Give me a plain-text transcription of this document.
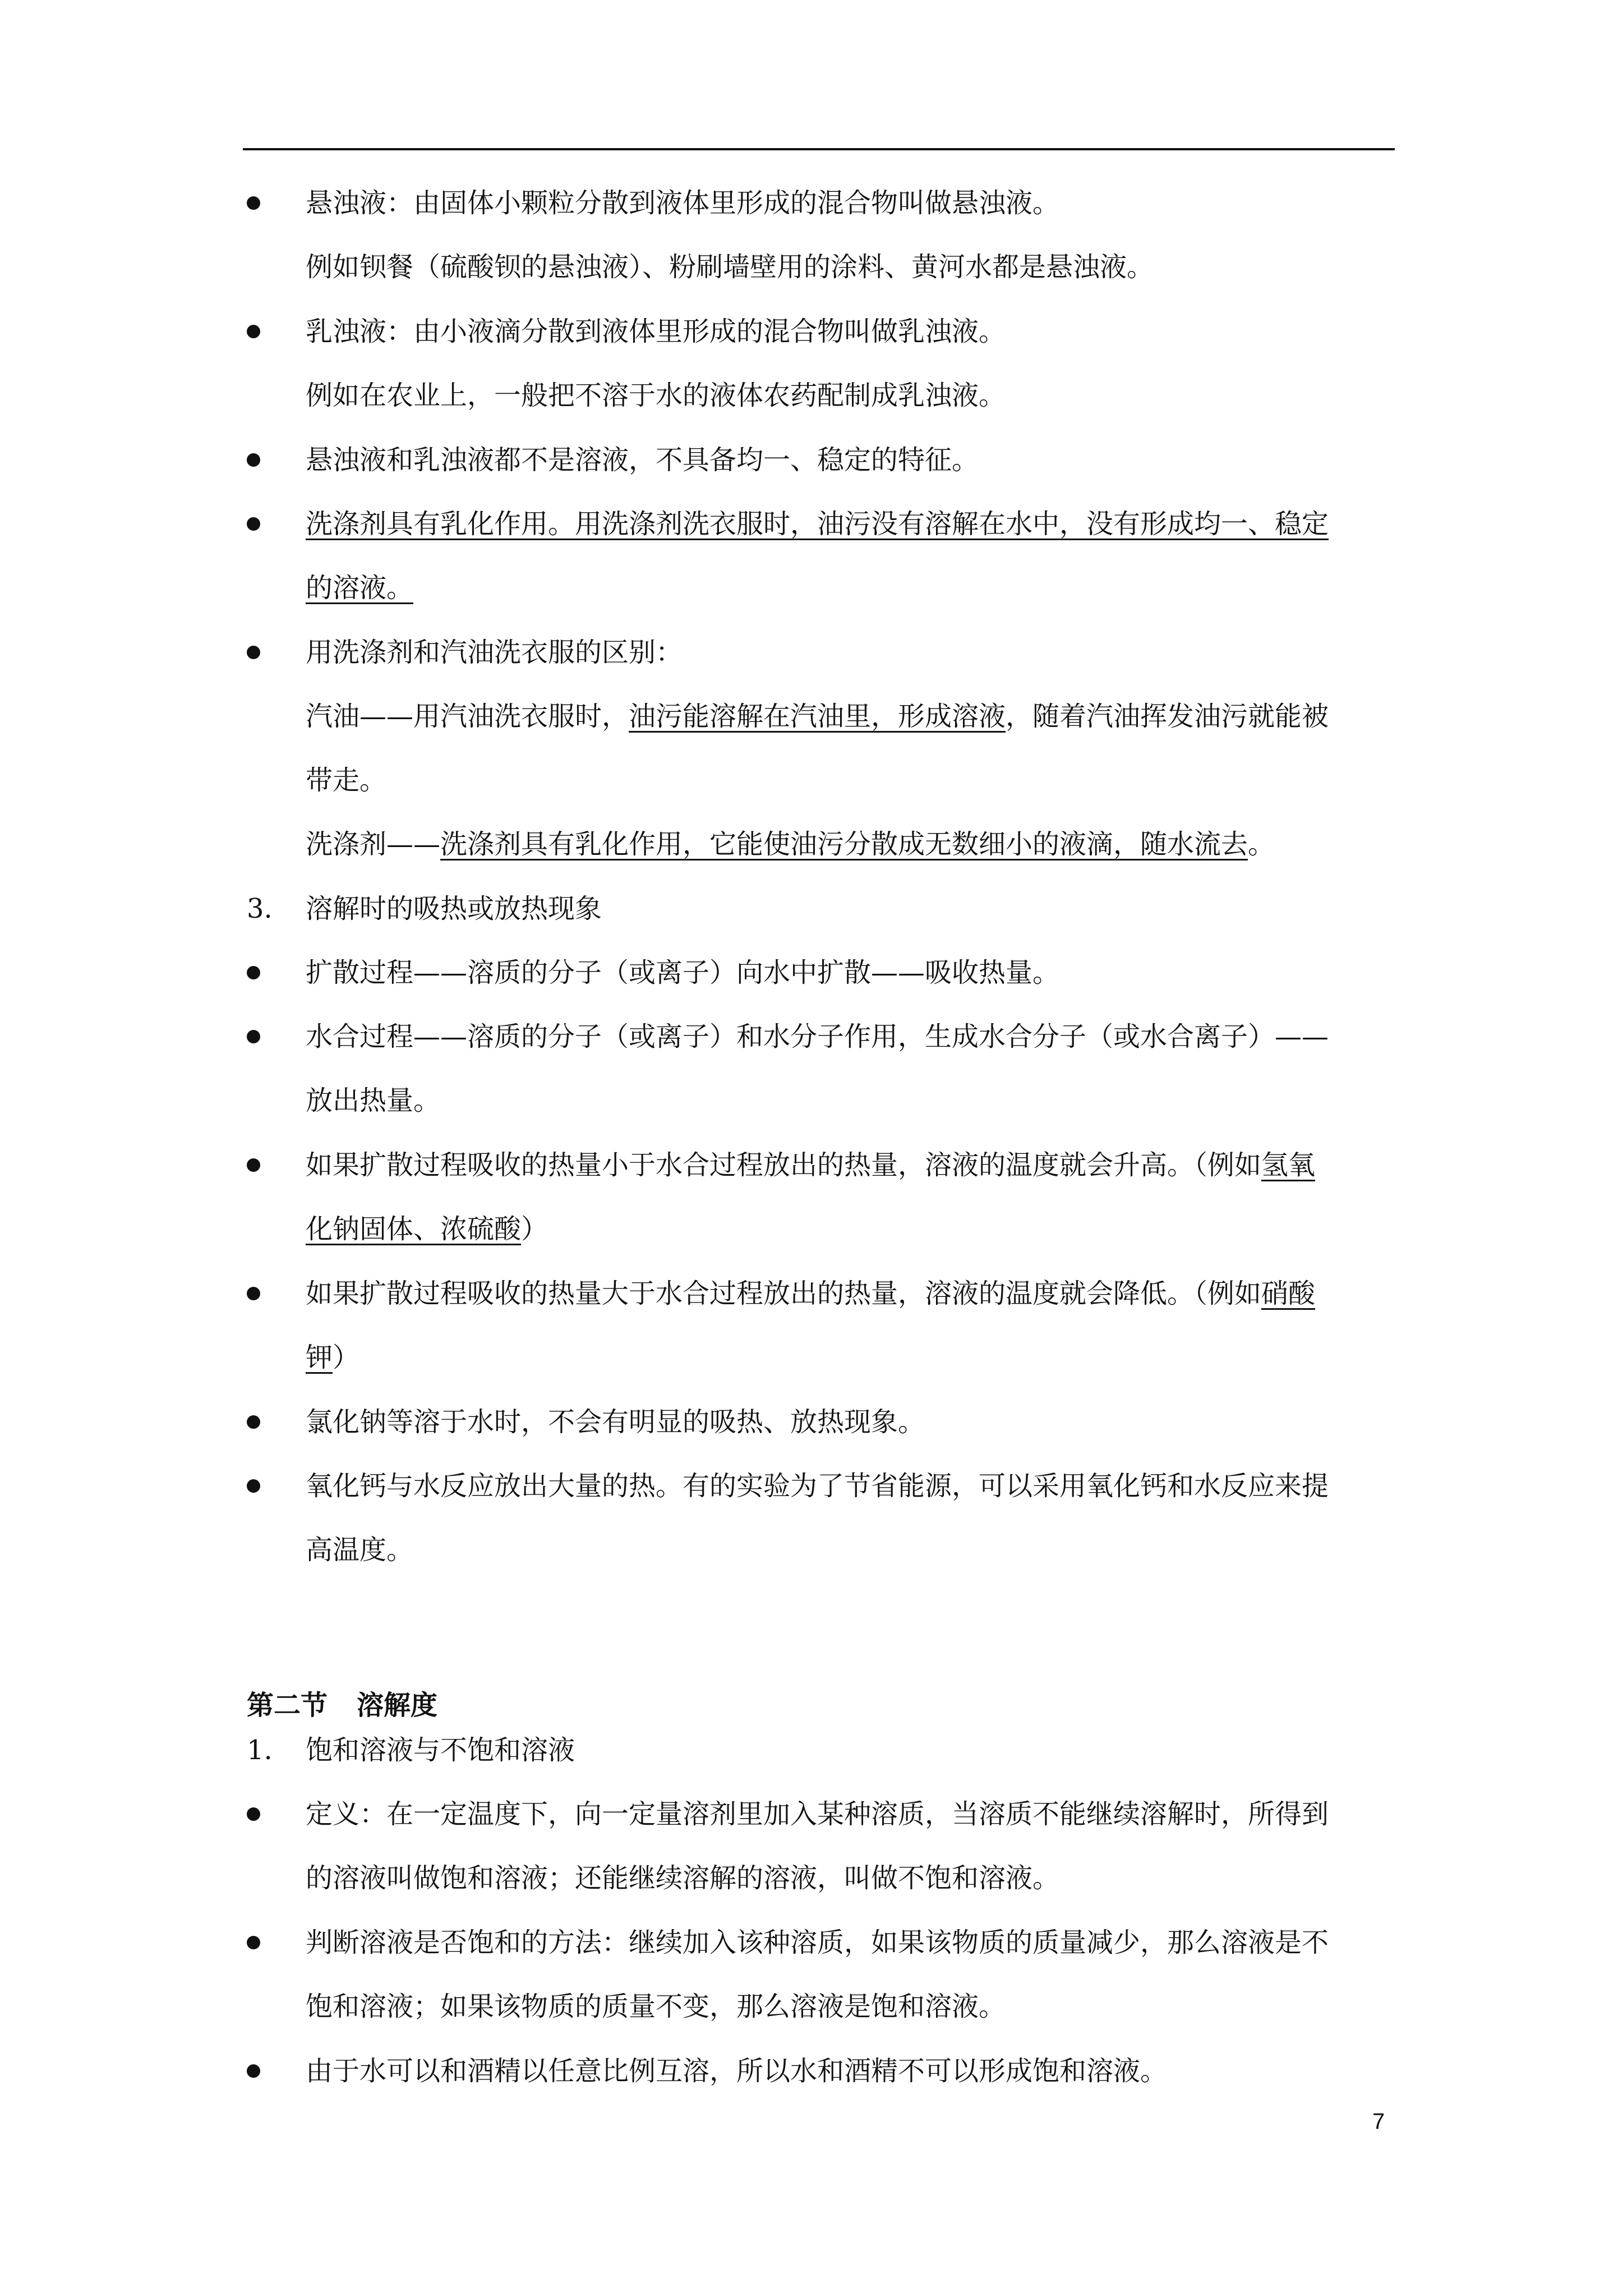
悬浊液：由固体小颗粒分散到液体里形成的混合物叫做悬浊液。
例如钡餐（硫酸钡的悬浊液）、粉刷墙壁用的涂料、黄河水都是悬浊液。
乳浊液：由小液滴分散到液体里形成的混合物叫做乳浊液。
例如在农业上，一般把不溶于水的液体农药配制成乳浊液。
悬浊液和乳浊液都不是溶液，不具备均一、稳定的特征。
洗涤剂具有乳化作用。用洗涤剂洗衣服时，油污没有溶解在水中，没有形成均一、稳定
的溶液。
用洗涤剂和汽油洗衣服的区别：
汽油——用汽油洗衣服时，油污能溶解在汽油里，形成溶液，随着汽油挥发油污就能被
带走。
洗涤剂——洗涤剂具有乳化作用，它能使油污分散成无数细小的液滴，随水流去。
3. 溶解时的吸热或放热现象
扩散过程——溶质的分子（或离子）向水中扩散——吸收热量。
水合过程——溶质的分子（或离子）和水分子作用，生成水合分子（或水合离子）——
放出热量。
如果扩散过程吸收的热量小于水合过程放出的热量，溶液的温度就会升高。（例如氢氧
化钠固体、浓硫酸）
如果扩散过程吸收的热量大于水合过程放出的热量，溶液的温度就会降低。（例如硝酸
钾）
氯化钠等溶于水时，不会有明显的吸热、放热现象。
氧化钙与水反应放出大量的热。有的实验为了节省能源，可以采用氧化钙和水反应来提
高温度。
第二节 溶解度
1. 饱和溶液与不饱和溶液
定义：在一定温度下，向一定量溶剂里加入某种溶质，当溶质不能继续溶解时，所得到
的溶液叫做饱和溶液；还能继续溶解的溶液，叫做不饱和溶液。
判断溶液是否饱和的方法：继续加入该种溶质，如果该物质的质量减少，那么溶液是不
饱和溶液；如果该物质的质量不变，那么溶液是饱和溶液。
由于水可以和酒精以任意比例互溶，所以水和酒精不可以形成饱和溶液。
7
